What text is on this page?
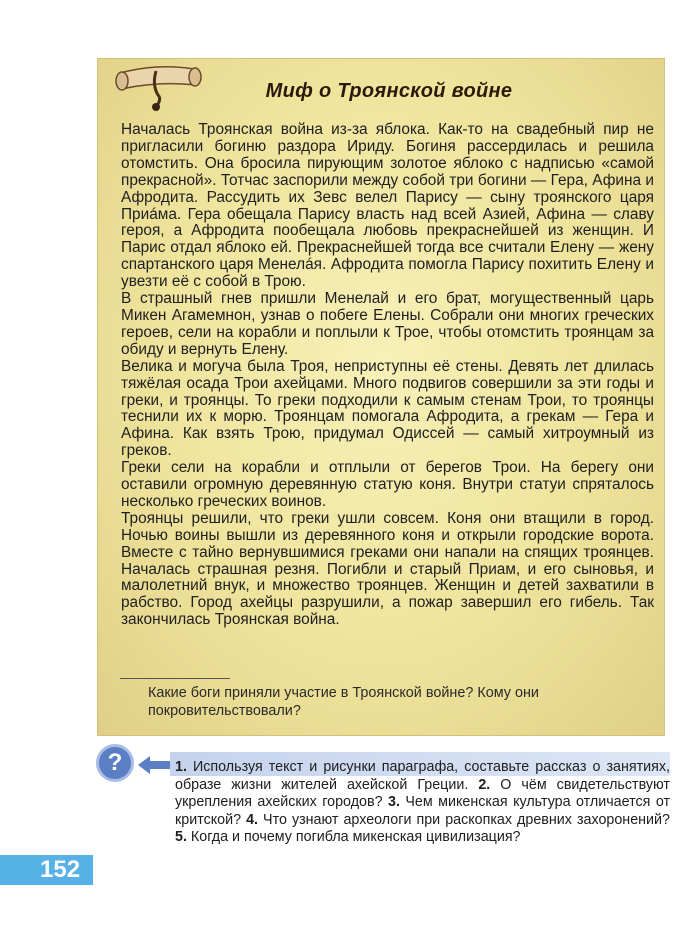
Миф о Троянской войне

Началась Троянская война из-за яблока. Как-то на свадебный пир не пригласили богиню раздора Ириду. Богиня рассердилась и решила отомстить. Она бросила пирующим золотое яблоко с надписью «самой прекрасной». Тотчас заспорили между собой три богини — Гера, Афина и Афродита. Рассудить их Зевс велел Парису — сыну троянского царя Приáма. Гера обещала Парису власть над всей Азией, Афина — славу героя, а Афродита пообещала любовь прекраснейшей из женщин. И Парис отдал яблоко ей. Прекраснейшей тогда все считали Елену — жену спартанского царя Менелáя. Афродита помогла Парису похитить Елену и увезти её с собой в Трою.

В страшный гнев пришли Менелай и его брат, могущественный царь Микен Агамемнон, узнав о побеге Елены. Собрали они многих греческих героев, сели на корабли и поплыли к Трое, чтобы отомстить троянцам за обиду и вернуть Елену.

Велика и могуча была Троя, неприступны её стены. Девять лет длилась тяжёлая осада Трои ахейцами. Много подвигов совершили за эти годы и греки, и троянцы. То греки подходили к самым стенам Трои, то троянцы теснили их к морю. Троянцам помогала Афродита, а грекам — Гера и Афина. Как взять Трою, придумал Одиссей — самый хитроумный из греков.

Греки сели на корабли и отплыли от берегов Трои. На берегу они оставили огромную деревянную статую коня. Внутри статуи спряталось несколько греческих воинов.

Троянцы решили, что греки ушли совсем. Коня они втащили в город. Ночью воины вышли из деревянного коня и открыли городские ворота. Вместе с тайно вернувшимися греками они напали на спящих троянцев. Началась страшная резня. Погибли и старый Приам, и его сыновья, и малолетний внук, и множество троянцев. Женщин и детей захватили в рабство. Город ахейцы разрушили, а пожар завершил его гибель. Так закончилась Троянская война.

Какие боги приняли участие в Троянской войне? Кому они покровительствовали?
?	1. Используя текст и рисунки параграфа, составьте рассказ о занятиях, образе жизни жителей ахейской Греции. 2. О чём свидетельствуют укрепления ахейских городов? 3. Чем микенская культура отличается от критской? 4. Что узнают археологи при раскопках древних захоронений? 5. Когда и почему погибла микенская цивилизация?
152
